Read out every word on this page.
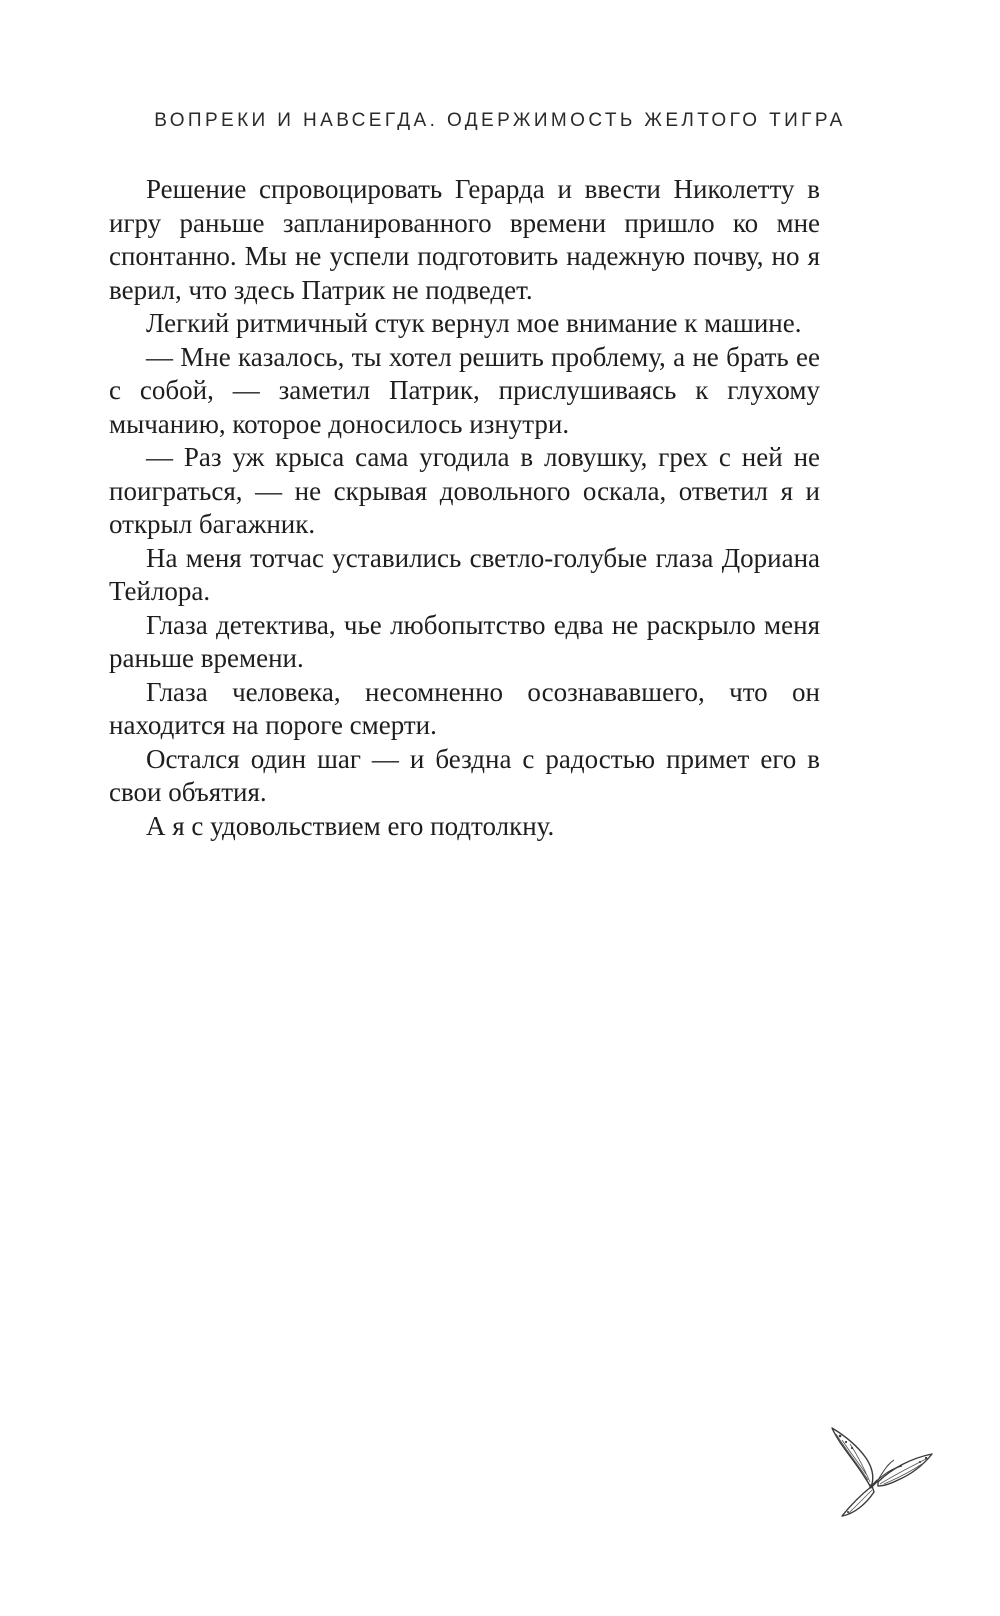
ВОПРЕКИ И НАВСЕГДА. ОДЕРЖИМОСТЬ ЖЕЛТОГО ТИГРА

Решение спровоцировать Герарда и ввести Николетту в игру раньше запланированного времени пришло ко мне спонтанно. Мы не успели подготовить надежную почву, но я верил, что здесь Патрик не подведет.

Легкий ритмичный стук вернул мое внимание к машине.

— Мне казалось, ты хотел решить проблему, а не брать ее с собой, — заметил Патрик, прислушиваясь к глухому мычанию, которое доносилось изнутри.

— Раз уж крыса сама угодила в ловушку, грех с ней не поиграться, — не скрывая довольного оскала, ответил я и открыл багажник.

На меня тотчас уставились светло-голубые глаза Дориана Тейлора.

Глаза детектива, чье любопытство едва не раскрыло меня раньше времени.

Глаза человека, несомненно осознававшего, что он находится на пороге смерти.

Остался один шаг — и бездна с радостью примет его в свои объятия.

А я с удовольствием его подтолкну.
